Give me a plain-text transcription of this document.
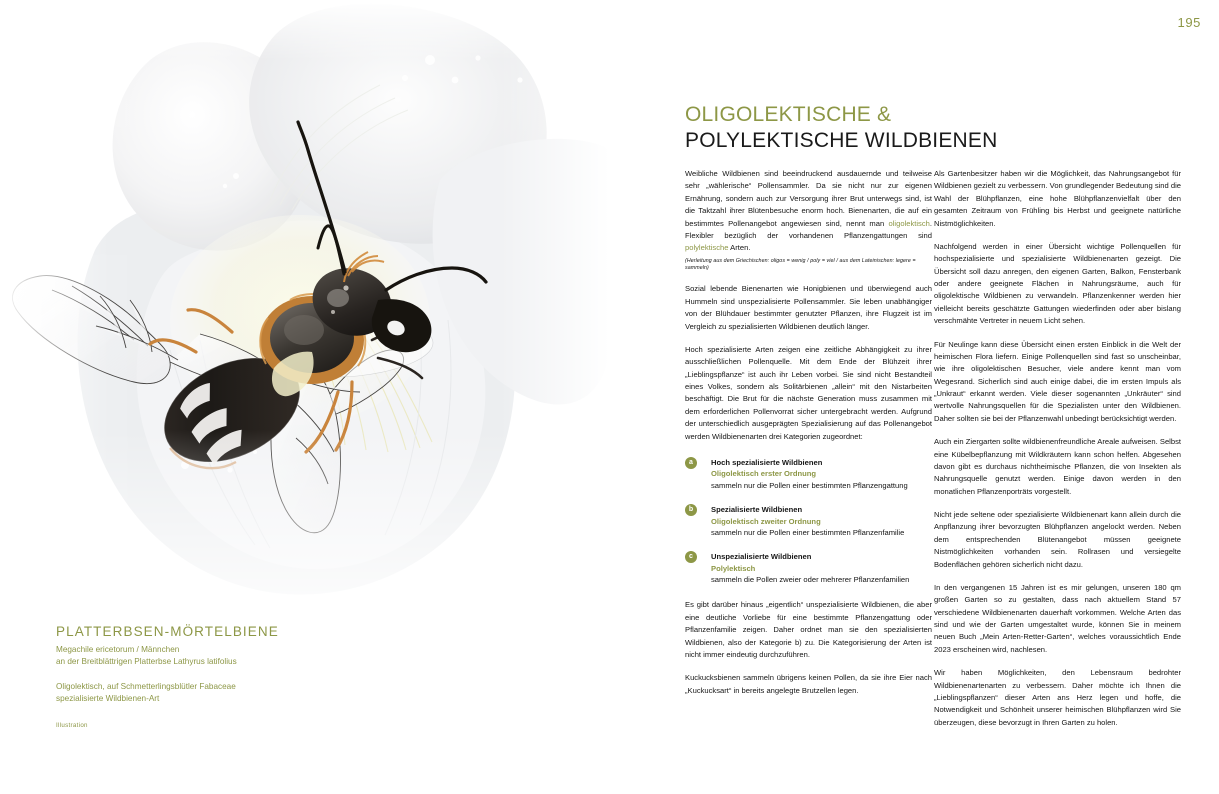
195
PLATTERBSEN-MÖRTELBIENE

Megachile ericetorum / Männchen
an der Breitblättrigen Platterbse Lathyrus latifolius

Oligolektisch, auf Schmetterlingsblütler Fabaceae
spezialisierte Wildbienen-Art
Illustration
OLIGOLEKTISCHE &
POLYLEKTISCHE WILDBIENEN

Weibliche Wildbienen sind beeindruckend ausdauernde und teilweise sehr „wählerische“ Pollensammler. Da sie nicht nur zur eigenen Ernährung, sondern auch zur Versorgung ihrer Brut unterwegs sind, ist die Taktzahl ihrer Blütenbesuche enorm hoch. Bienenarten, die auf ein bestimmtes Pollenangebot angewiesen sind, nennt man oligolektisch. Flexibler bezüglich der vorhandenen Pflanzengattungen sind polylektische Arten.

(Herleitung aus dem Griechischen: oligos = wenig / poly = viel / aus dem Lateinischen: legere = sammeln)

Sozial lebende Bienenarten wie Honigbienen und überwiegend auch Hummeln sind unspezialisierte Pollensammler. Sie leben unabhängiger von der Blühdauer bestimmter genutzter Pflanzen, ihre Flugzeit ist im Vergleich zu spezialisierten Wildbienen deutlich länger.

Hoch spezialisierte Arten zeigen eine zeitliche Abhängigkeit zu ihrer ausschließlichen Pollenquelle. Mit dem Ende der Blühzeit ihrer „Lieblingspflanze“ ist auch ihr Leben vorbei. Sie sind nicht Bestandteil eines Volkes, sondern als Solitärbienen „allein“ mit den Nistarbeiten beschäftigt. Die Brut für die nächste Generation muss zusammen mit dem erforderlichen Pollenvorrat sicher untergebracht werden. Aufgrund der unterschiedlich ausgeprägten Spezialisierung auf das Pollenangebot werden Wildbienenarten drei Kategorien zugeordnet:

a	Hoch spezialisierte Wildbienen
Oligolektisch erster Ordnung
sammeln nur die Pollen einer bestimmten Pflanzengattung
b	Spezialisierte Wildbienen
Oligolektisch zweiter Ordnung
sammeln nur die Pollen einer bestimmten Pflanzenfamilie
c	Unspezialisierte Wildbienen
Polylektisch
sammeln die Pollen zweier oder mehrerer Pflanzenfamilien

Es gibt darüber hinaus „eigentlich“ unspezialisierte Wildbienen, die aber eine deutliche Vorliebe für eine bestimmte Pflanzengattung oder Pflanzenfamilie zeigen. Daher ordnet man sie den spezialisierten Wildbienen, also der Kategorie b) zu. Die Kategorisierung der Arten ist nicht immer eindeutig durchzuführen.

Kuckucksbienen sammeln übrigens keinen Pollen, da sie ihre Eier nach „Kuckucksart“ in bereits angelegte Brutzellen legen.

Als Gartenbesitzer haben wir die Möglichkeit, das Nahrungsangebot für Wildbienen gezielt zu verbessern. Von grundlegender Bedeutung sind die Wahl der Blühpflanzen, eine hohe Blühpflanzenvielfalt über den gesamten Zeitraum von Frühling bis Herbst und geeignete natürliche Nistmöglichkeiten.

Nachfolgend werden in einer Übersicht wichtige Pollenquellen für hochspezialisierte und spezialisierte Wildbienenarten gezeigt. Die Übersicht soll dazu anregen, den eigenen Garten, Balkon, Fensterbank oder andere geeignete Flächen in Nahrungsräume, auch für oligolektische Wildbienen zu verwandeln. Pflanzenkenner werden hier vielleicht bereits geschätzte Gattungen wiederfinden oder aber bislang verschmähte Vertreter in neuem Licht sehen.

Für Neulinge kann diese Übersicht einen ersten Einblick in die Welt der heimischen Flora liefern. Einige Pollenquellen sind fast so unscheinbar, wie ihre oligolektischen Besucher, viele andere kennt man vom Wegesrand. Sicherlich sind auch einige dabei, die im ersten Impuls als „Unkraut“ erkannt werden. Viele dieser sogenannten „Unkräuter“ sind wertvolle Nahrungsquellen für die Spezialisten unter den Wildbienen. Daher sollten sie bei der Pflanzenwahl unbedingt berücksichtigt werden.

Auch ein Ziergarten sollte wildbienenfreundliche Areale aufweisen. Selbst eine Kübelbepflanzung mit Wildkräutern kann schon helfen. Abgesehen davon gibt es durchaus nichtheimische Pflanzen, die von Insekten als Nahrungsquelle genutzt werden. Einige davon werden in den monatlichen Pflanzenporträts vorgestellt.

Nicht jede seltene oder spezialisierte Wildbienenart kann allein durch die Anpflanzung ihrer bevorzugten Blühpflanzen angelockt werden. Neben dem entsprechenden Blütenangebot müssen geeignete Nistmöglichkeiten vorhanden sein. Rollrasen und versiegelte Bodenflächen gehören sicherlich nicht dazu.

In den vergangenen 15 Jahren ist es mir gelungen, unseren 180 qm großen Garten so zu gestalten, dass nach aktuellem Stand 57 verschiedene Wildbienenarten dauerhaft vorkommen. Welche Arten das sind und wie der Garten umgestaltet wurde, können Sie in meinem neuen Buch „Mein Arten-Retter-Garten“, welches voraussichtlich Ende 2023 erscheinen wird, nachlesen.

Wir haben Möglichkeiten, den Lebensraum bedrohter Wildbienenartenarten zu verbessern. Daher möchte ich Ihnen die „Lieblingspflanzen“ dieser Arten ans Herz legen und hoffe, die Notwendigkeit und Schönheit unserer heimischen Blühpflanzen wird Sie überzeugen, diese bevorzugt in Ihren Garten zu holen.
